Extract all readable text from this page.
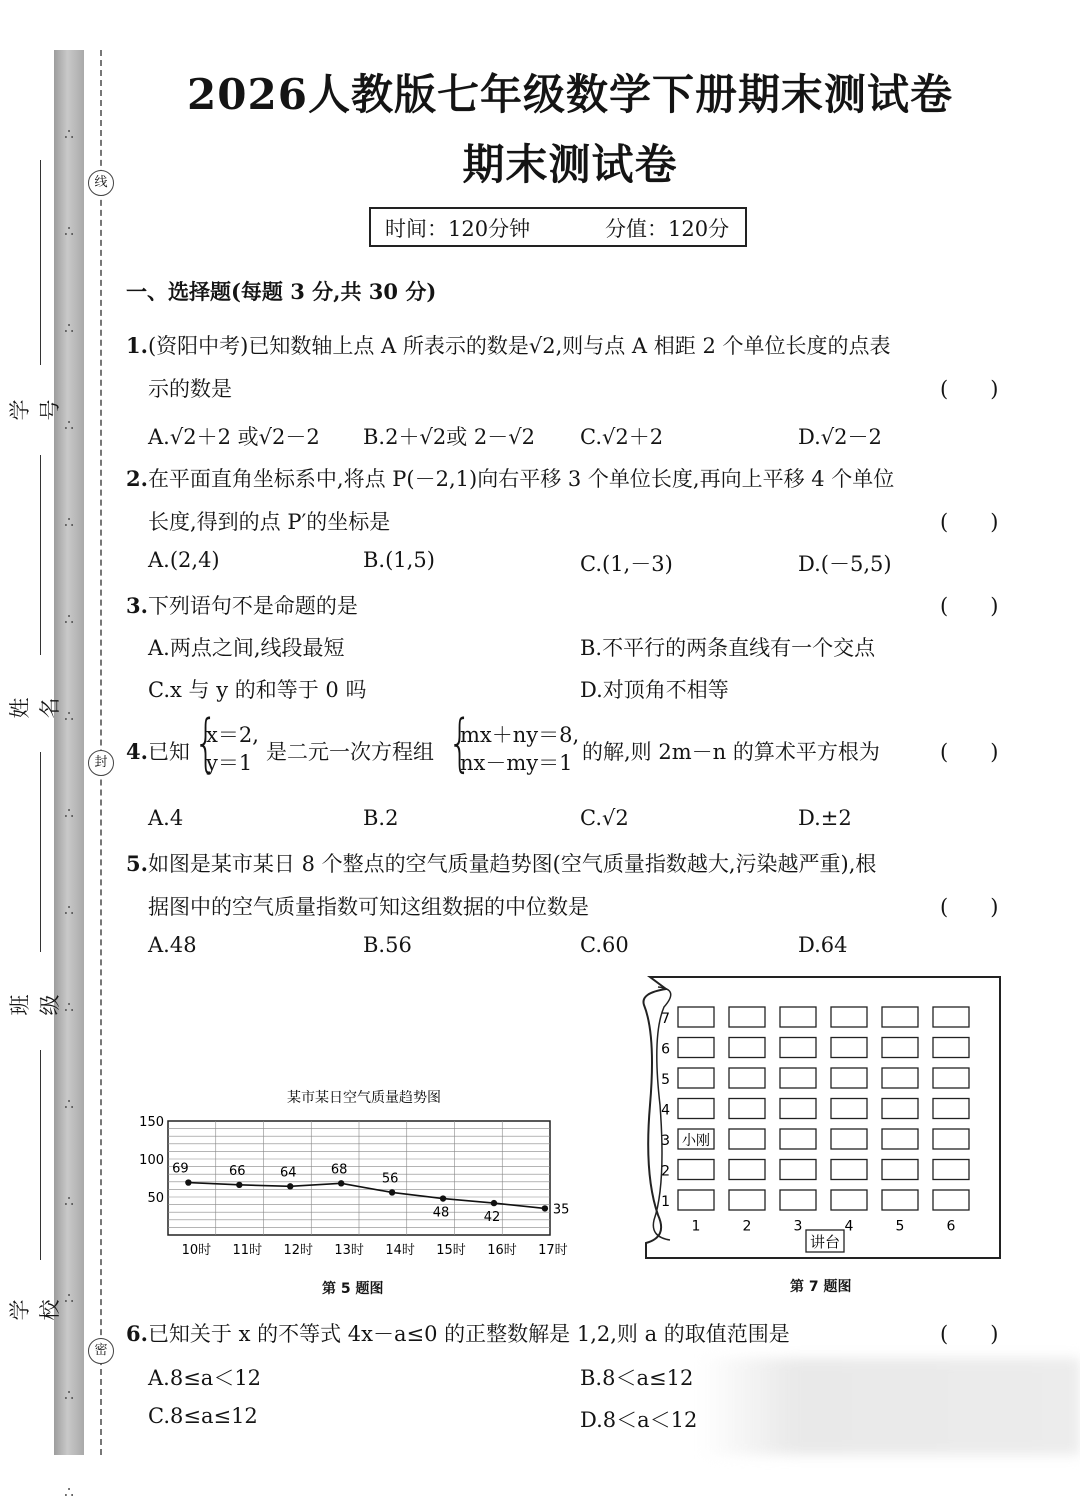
∴
∴
∴
∴
∴
∴
∴
∴
∴
∴
∴
∴
∴
∴
∴
线
封
密
学号
姓名
班级
学校
2026人教版七年级数学下册期末测试卷
期末测试卷
时间：120分钟	分值：120分
一、选择题(每题 3 分,共 30 分)
1.(资阳中考)已知数轴上点 A 所表示的数是√2,则与点 A 相距 2 个单位长度的点表
示的数是	(　　)
A.√2＋2 或√2－2 B.2＋√2或 2－√2 C.√2＋2	D.√2－2
2.在平面直角坐标系中,将点 P(－2,1)向右平移 3 个单位长度,再向上平移 4 个单位
长度,得到的点 P′的坐标是	(　　)
A.(2,4)	B.(1,5)	C.(1,－3)	D.(－5,5)
3.下列语句不是命题的是	(　　)
A.两点之间,线段最短	B.不平行的两条直线有一个交点
C.x 与 y 的和等于 0 吗	D.对顶角不相等
4.已知 {
x＝2,
y＝1 是二元一次方程组 {
mx＋ny＝8,
nx－my＝1 的解,则 2m－n 的算术平方根为	(　　)
A.4	B.2	C.√2	D.±2
5.如图是某市某日 8 个整点的空气质量趋势图(空气质量指数越大,污染越严重),根
据图中的空气质量指数可知这组数据的中位数是	(　　)
A.48	B.56	C.60	D.64
某市某日空气质量趋势图
50
100
150
69
10时
66
11时
64
12时
68
13时
56
14时
48
15时
42
16时
35
17时
第 5 题图
7
6
5
4
3 小刚
2
1
1	2	3	4	5	6
讲台
第 7 题图
6.已知关于 x 的不等式 4x－a≤0 的正整数解是 1,2,则 a 的取值范围是	(　　)
A.8≤a＜12	B.8＜a≤12
C.8≤a≤12	D.8＜a＜12
